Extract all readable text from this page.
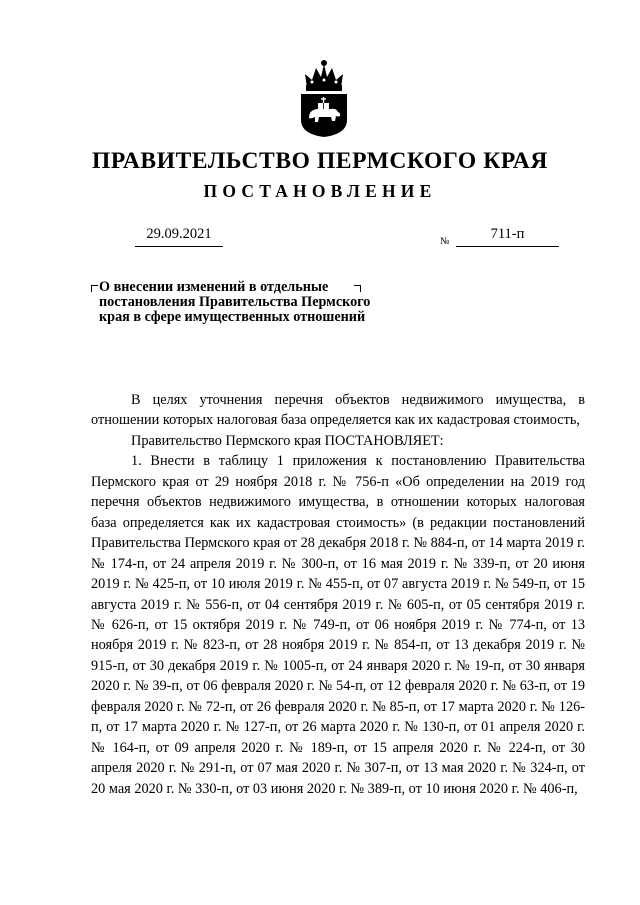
ПРАВИТЕЛЬСТВО ПЕРМСКОГО КРАЯ
ПОСТАНОВЛЕНИЕ
29.09.2021	№	711-п
О внесении изменений в отдельные
постановления Правительства Пермского
края в сфере имущественных отношений

В целях уточнения перечня объектов недвижимого имущества, в отношении которых налоговая база определяется как их кадастровая стоимость,

Правительство Пермского края ПОСТАНОВЛЯЕТ:

1. Внести в таблицу 1 приложения к постановлению Правительства Пермского края от 29 ноября 2018 г. № 756-п «Об определении на 2019 год перечня объектов недвижимого имущества, в отношении которых налоговая база определяется как их кадастровая стоимость» (в редакции постановлений Правительства Пермского края от 28 декабря 2018 г. № 884-п, от 14 марта 2019 г. № 174-п, от 24 апреля 2019 г. № 300-п, от 16 мая 2019 г. № 339-п, от 20 июня 2019 г. № 425-п, от 10 июля 2019 г. № 455-п, от 07 августа 2019 г. № 549-п, от 15 августа 2019 г. № 556-п, от 04 сентября 2019 г. № 605-п, от 05 сентября 2019 г. № 626-п, от 15 октября 2019 г. № 749-п, от 06 ноября 2019 г. № 774-п, от 13 ноября 2019 г. № 823-п, от 28 ноября 2019 г. № 854-п, от 13 декабря 2019 г. № 915-п, от 30 декабря 2019 г. № 1005-п, от 24 января 2020 г. № 19-п, от 30 января 2020 г. № 39-п, от 06 февраля 2020 г. № 54-п, от 12 февраля 2020 г. № 63-п, от 19 февраля 2020 г. № 72-п, от 26 февраля 2020 г. № 85-п, от 17 марта 2020 г. № 126-п, от 17 марта 2020 г. № 127-п, от 26 марта 2020 г. № 130-п, от 01 апреля 2020 г. № 164-п, от 09 апреля 2020 г. № 189-п, от 15 апреля 2020 г. № 224-п, от 30 апреля 2020 г. № 291-п, от 07 мая 2020 г. № 307-п, от 13 мая 2020 г. № 324-п, от 20 мая 2020 г. № 330-п, от 03 июня 2020 г. № 389-п, от 10 июня 2020 г. № 406-п,
